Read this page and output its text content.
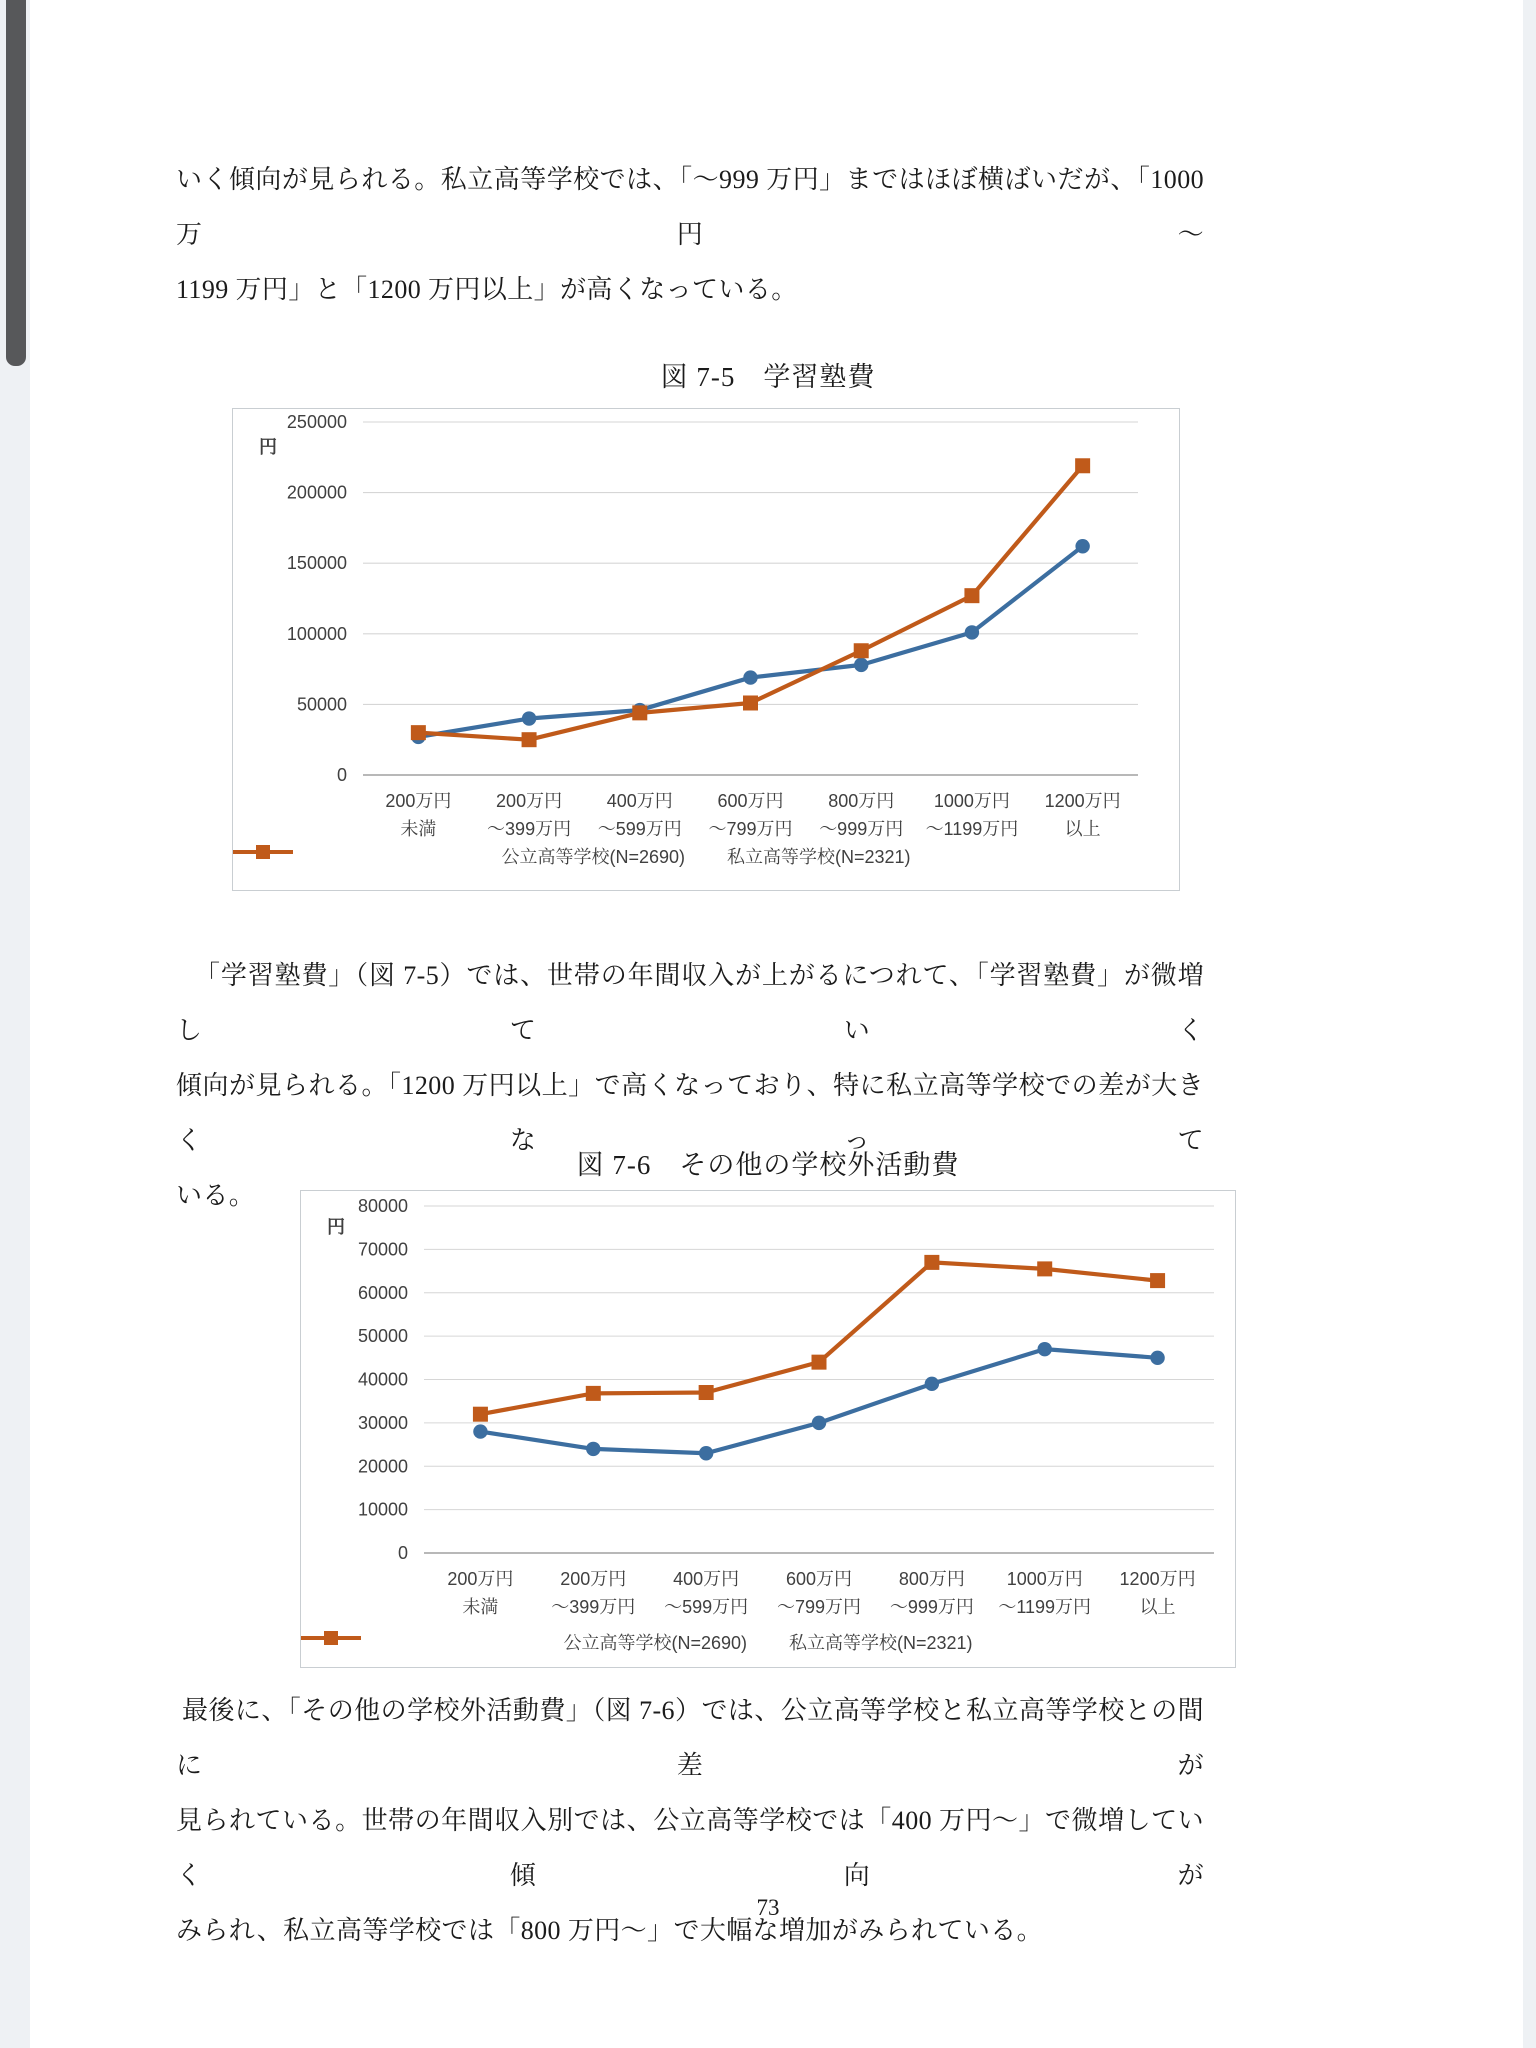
いく傾向が見られる。私立高等学校では、「～999 万円」まではほぼ横ばいだが、「1000 万円～
1199 万円」と「1200 万円以上」が高くなっている。
図 7-5　学習塾費
0
50000
100000
150000
200000
250000
円
200万円未満
200万円～399万円
400万円～599万円
600万円～799万円
800万円～999万円
1000万円～1199万円
1200万円以上
公立高等学校(N=2690) 私立高等学校(N=2321)
「学習塾費」（図 7-5）では、世帯の年間収入が上がるにつれて、「学習塾費」が微増していく
傾向が見られる。「1200 万円以上」で高くなっており、特に私立高等学校での差が大きくなって
いる。
図 7-6　その他の学校外活動費
0
10000
20000
30000
40000
50000
60000
70000
80000
円
200万円未満
200万円～399万円
400万円～599万円
600万円～799万円
800万円～999万円
1000万円～1199万円
1200万円以上
公立高等学校(N=2690) 私立高等学校(N=2321)
最後に、「その他の学校外活動費」（図 7-6）では、公立高等学校と私立高等学校との間に差が
見られている。世帯の年間収入別では、公立高等学校では「400 万円～」で微増していく傾向が
みられ、私立高等学校では「800 万円～」で大幅な増加がみられている。
73
